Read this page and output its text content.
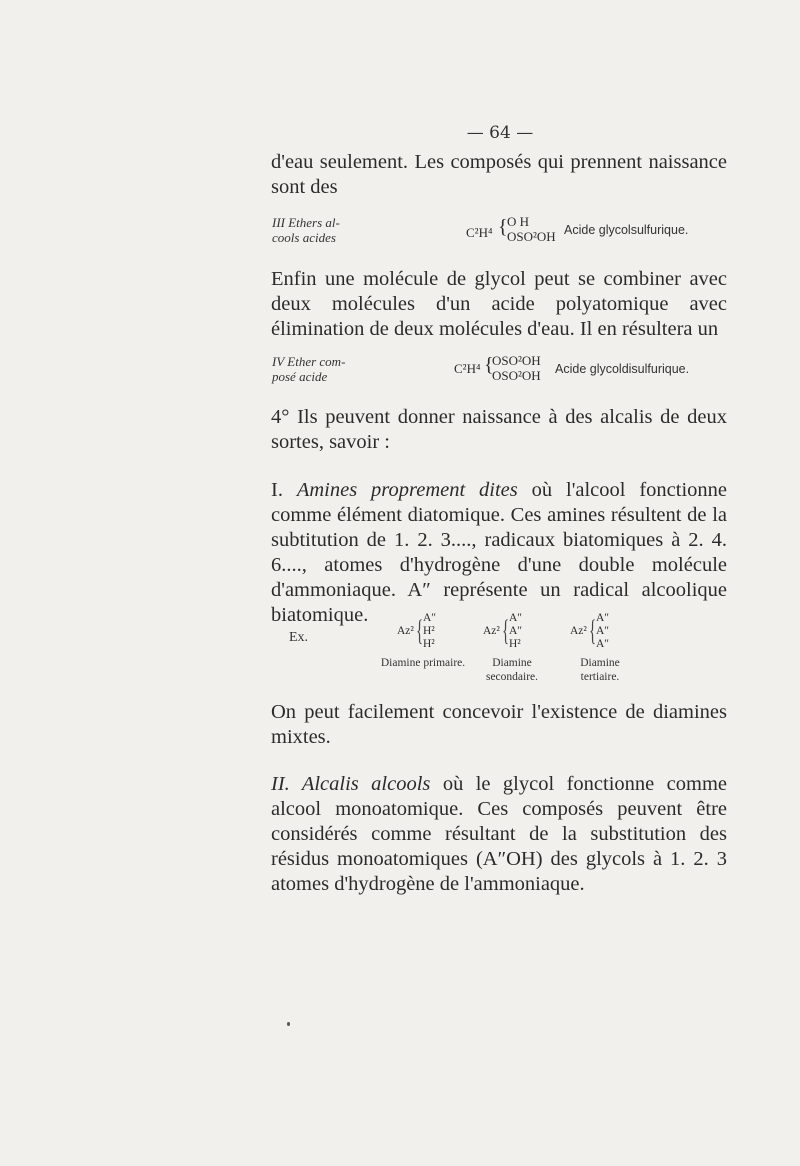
— 64 —
d'eau seulement. Les composés qui prennent naissance sont des
III Ethers al-
cools acides	C²H⁴ { O H
OSO²OH Acide glycolsulfurique.
Enfin une molécule de glycol peut se combiner avec deux molécules d'un acide polyatomique avec élimination de deux molécules d'eau. Il en résultera un
IV Ether com-
posé acide
C²H⁴ {
OSO²OH
OSO²OH Acide glycoldisulfurique.
4° Ils peuvent donner naissance à des alcalis de deux sortes, savoir :
I. Amines proprement dites où l'alcool fonctionne comme élément diatomique. Ces amines résultent de la subtitution de 1. 2. 3...., radicaux biatomiques à 2. 4. 6...., atomes d'hydrogène d'une double molécule d'ammoniaque. A″ représente un radical alcoolique biatomique.
Ex.	Az² { A″
H²
H²
Diamine primaire.
Az² { A″
A″
H²
Diamine
secondaire.
Az² { A″
A″
A″
Diamine
tertiaire.
On peut facilement concevoir l'existence de diamines mixtes.
II. Alcalis alcools où le glycol fonctionne comme alcool monoatomique. Ces composés peuvent être considérés comme résultant de la substitution des résidus monoatomiques (A″OH) des glycols à 1. 2. 3 atomes d'hydrogène de l'ammoniaque.
